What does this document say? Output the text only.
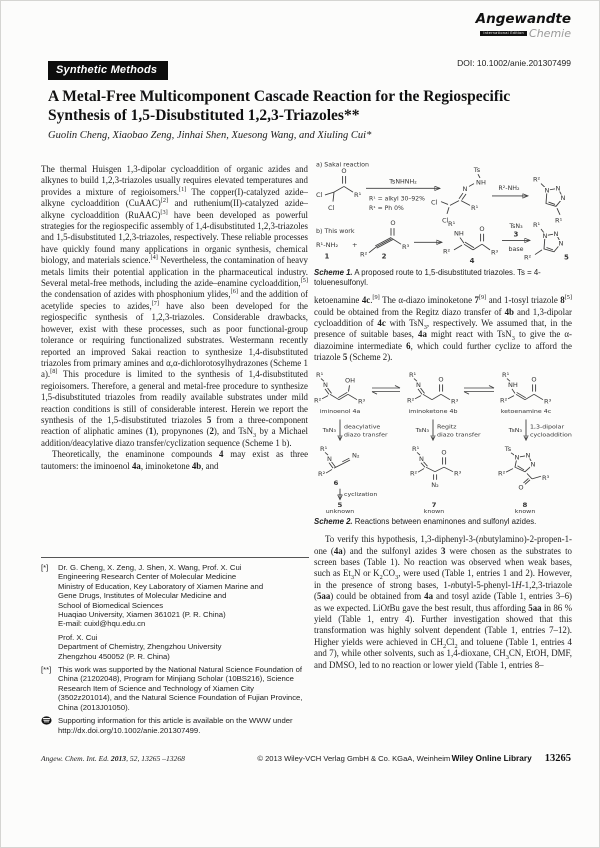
Angewandte
International Edition Chemie
Synthetic Methods
DOI: 10.1002/anie.201307499
A Metal-Free Multicomponent Cascade Reaction for the Regiospecific Synthesis of 1,5-Disubstituted 1,2,3-Triazoles**
Guolin Cheng, Xiaobao Zeng, Jinhai Shen, Xuesong Wang, and Xiuling Cui*

The thermal Huisgen 1,3-dipolar cycloaddition of organic azides and alkynes to build 1,2,3-triazoles usually requires elevated temperatures and provides a mixture of regioisomers.[1] The copper(I)-catalyzed azide–alkyne cycloaddition (CuAAC)[2] and ruthenium(II)-catalyzed azide–alkyne cycloaddition (RuAAC)[3] have been developed as powerful strategies for the regiospecific assembly of 1,4-disubstituted 1,2,3-triazoles and 1,5-disubstituted 1,2,3-triazoles, respectively. These reliable processes have quickly found many applications in organic synthesis, chemical biology, and materials science.[4] Nevertheless, the contamination of heavy metals limits their potential application in the pharmaceutical industry. Several metal-free methods, including the azide–enamine cycloaddition,[5] the condensation of azides with phosphonium ylides,[6] and the addition of acetylide species to azides,[7] have also been developed for the regiospecific synthesis of 1,2,3-triazoles. Considerable drawbacks, however, exist with these processes, such as poor functional-group tolerance or requiring functionalized substrates. Westermann recently reported an improved Sakai reaction to synthesize 1,4-disubstituted triazoles from primary amines and α,α-dichlorotosylhydrazones (Scheme 1 a).[8] This procedure is limited to the synthesis of 1,4-disubstituted regioisomers. Therefore, a general and metal-free procedure to synthesize 1,5-disubstituted triazoles from readily available substrates under mild reaction conditions is still of considerable interest. Herein we report the synthesis of the 1,5-disubstituted triazoles 5 from a three-component reaction of aliphatic amines (1), propynones (2), and TsN$_3$ by a Michael addition/deacylative diazo transfer/cyclization sequence (Scheme 1 b).

Theoretically, the enaminone compounds 4 may exist as three tautomers: the iminoenol 4a, iminoketone 4b, and

[*]	Dr. G. Cheng, X. Zeng, J. Shen, X. Wang, Prof. X. Cui
Engineering Research Center of Molecular Medicine
Ministry of Education, Key Laboratory of Xiamen Marine and
Gene Drugs, Institutes of Molecular Medicine and
School of Biomedical Sciences
Huaqiao University, Xiamen 361021 (P. R. China)
E-mail: cuixl@hqu.edu.cn
Prof. X. Cui
Department of Chemistry, Zhengzhou University
Zhengzhou 450052 (P. R. China)
[**] This work was supported by the National Natural Science Foundation of China (21202048), Program for Minjiang Scholar (10BS216), Science Research Item of Science and Technology of Xiamen City (3502z201014), and the Natural Science Foundation of Fujian Province, China (2013J01050).
Supporting information for this article is available on the WWW under http://dx.doi.org/10.1002/anie.201307499.
a) Sakai reaction
Cl
Cl
O
R¹
TsNHNH₂
R¹ = alkyl 30–92%
R¹ = Ph 0%
Ts
NH
N
R¹
Cl
Cl
R²-NH₂
R²
N N
N
R¹
b) This work
R¹-NH₂
1
+
R²
O
R³
2
R¹
NH
R²
O
R³
4
TsN₃
3
base
R¹
N N
N
R²	5
Scheme 1. A proposed route to 1,5-disubstituted triazoles. Ts = 4-toluenesulfonyl.

ketoenamine 4c.[9] The α-diazo iminoketone 7[9] and 1-tosyl triazole 8[5] could be obtained from the Regitz diazo transfer of 4b and 1,3-dipolar cycloaddition of 4c with TsN$_3$, respectively. We assumed that, in the presence of suitable bases, 4a might react with TsN$_3$ to give the α-diazoimine intermediate 6, which could further cyclize to afford the triazole 5 (Scheme 2).

R¹
N
R²
OH
R³
iminoenol 4a
R¹
N
R²
O
R³
iminoketone 4b
R¹
NH
R²
O
R³
ketoenamine 4c
TsN₃
deacylative
diazo transfer
TsN₃
Regitz
diazo transfer
TsN₃
1,3-dipolar
cycloaddition
R¹
N
R²
N₂
6
cyclization
5
unknown
R¹
N
R²
N₂
O
R³
7
known
Ts
N N
N
R²
O
R³
8
known
Scheme 2. Reactions between enaminones and sulfonyl azides.

To verify this hypothesis, 1,3-diphenyl-3-(nbutylamino)-2-propen-1-one (4a) and the sulfonyl azides 3 were chosen as the substrates to screen bases (Table 1). No reaction was observed when weak bases, such as $Et_3N$ or $K_2CO_3$, were used (Table 1, entries 1 and 2). However, in the presence of strong bases, 1-nbutyl-5-phenyl-1H-1,2,3-triazole (5aa) could be obtained from 4a and tosyl azide (Table 1, entries 3–6) as we expected. LiOtBu gave the best result, thus affording 5aa in 86 % yield (Table 1, entry 4). Further investigation showed that this transformation was highly solvent dependent (Table 1, entries 7–12). Higher yields were achieved in $CH_2Cl_2$ and toluene (Table 1, entries 4 and 7), while other solvents, such as 1,4-dioxane, $CH_3CN$, EtOH, DMF, and DMSO, led to no reaction or lower yield (Table 1, entries 8–

Angew. Chem. Int. Ed. 2013, 52, 13265 –13268	© 2013 Wiley-VCH Verlag GmbH & Co. KGaA, Weinheim Wiley Online Library 13265
